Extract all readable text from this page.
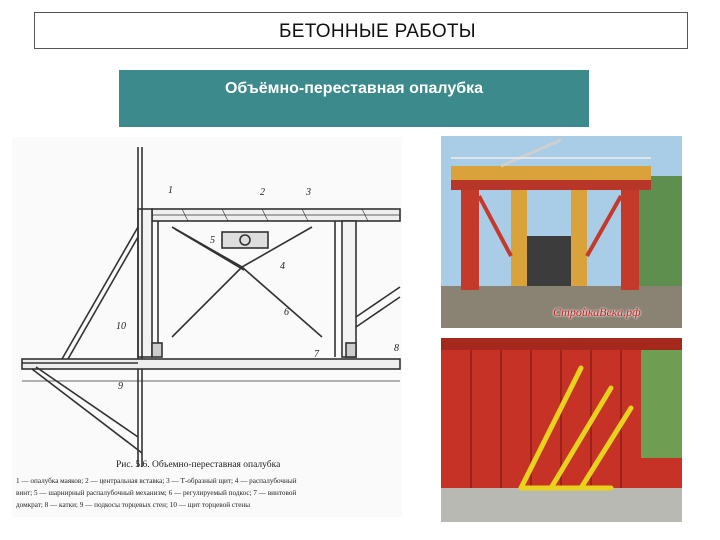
БЕТОННЫЕ РАБОТЫ
Объёмно-переставная опалубка
1	2	3
4
5
6
7
8
9
10
Рис. 5.6. Объемно-переставная опалубка
1 — опалубка маяков; 2 — центральная вставка; 3 — Т-образный щит; 4 — распалубочный
винт; 5 — шарнирный распалубочный механизм; 6 — регулируемый подкос; 7 — винтовой
домкрат; 8 — катки; 9 — подкосы торцевых стен; 10 — щит торцевой стены
СтройкаВека.рф
